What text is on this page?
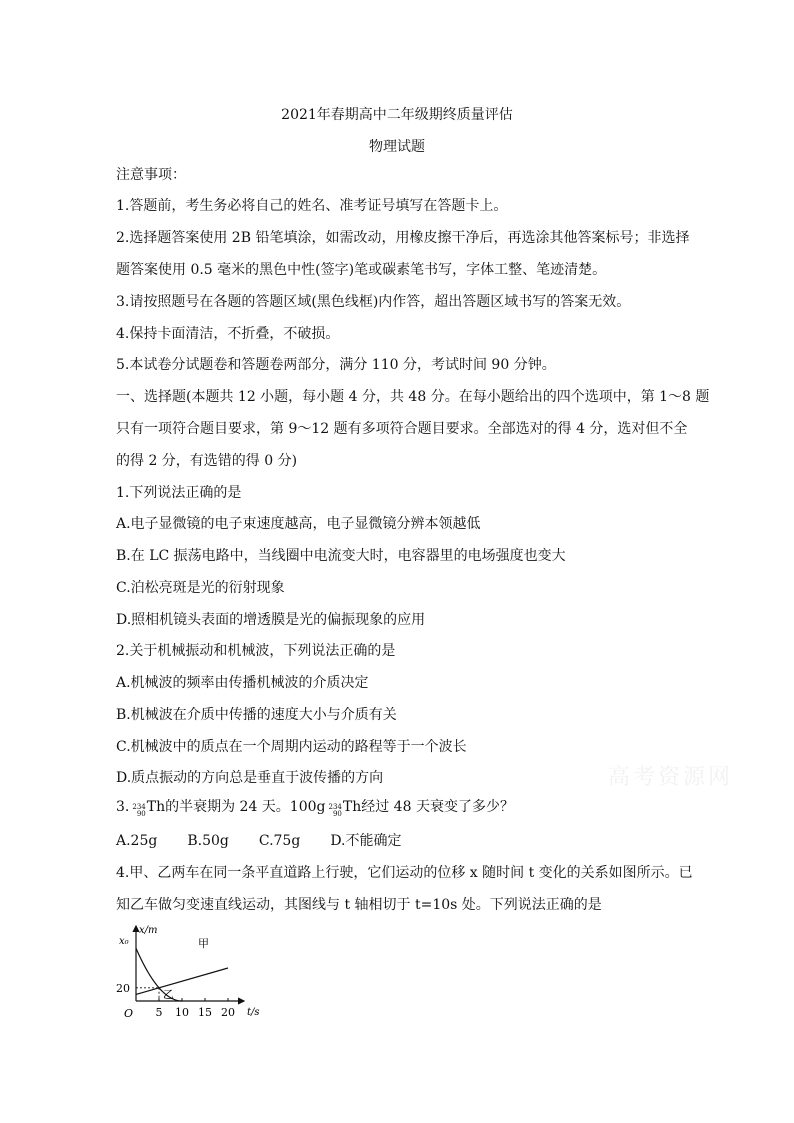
2021年春期高中二年级期终质量评估
物理试题
注意事项：
1.答题前，考生务必将自己的姓名、准考证号填写在答题卡上。
2.选择题答案使用 2B 铅笔填涂，如需改动，用橡皮擦干净后，再选涂其他答案标号；非选择
题答案使用 0.5 毫米的黑色中性(签字)笔或碳素笔书写，字体工整、笔迹清楚。
3.请按照题号在各题的答题区域(黑色线框)内作答，超出答题区域书写的答案无效。
4.保持卡面清洁，不折叠，不破损。
5.本试卷分试题卷和答题卷两部分，满分 110 分，考试时间 90 分钟。
一、选择题(本题共 12 小题，每小题 4 分，共 48 分。在每小题给出的四个选项中，第 1～8 题
只有一项符合题目要求，第 9～12 题有多项符合题目要求。全部选对的得 4 分，选对但不全
的得 2 分，有选错的得 0 分)
1.下列说法正确的是
A.电子显微镜的电子束速度越高，电子显微镜分辨本领越低
B.在 LC 振荡电路中，当线圈中电流变大时，电容器里的电场强度也变大
C.泊松亮斑是光的衍射现象
D.照相机镜头表面的增透膜是光的偏振现象的应用
2.关于机械振动和机械波，下列说法正确的是
A.机械波的频率由传播机械波的介质决定
B.机械波在介质中传播的速度大小与介质有关
C.机械波中的质点在一个周期内运动的路程等于一个波长
D.质点振动的方向总是垂直于波传播的方向
3. 234
90 Th的半衰期为 24 天。100g 234
90 Th经过 48 天衰变了多少？
A.25g B.50g C.75g D.不能确定
4.甲、乙两车在同一条平直道路上行驶，它们运动的位移 x 随时间 t 变化的关系如图所示。已
知乙车做匀变速直线运动，其图线与 t 轴相切于 t=10s 处。下列说法正确的是
x/m
t/s
O
x₀
20
5 10 15 20
甲
乙
高考资源网
